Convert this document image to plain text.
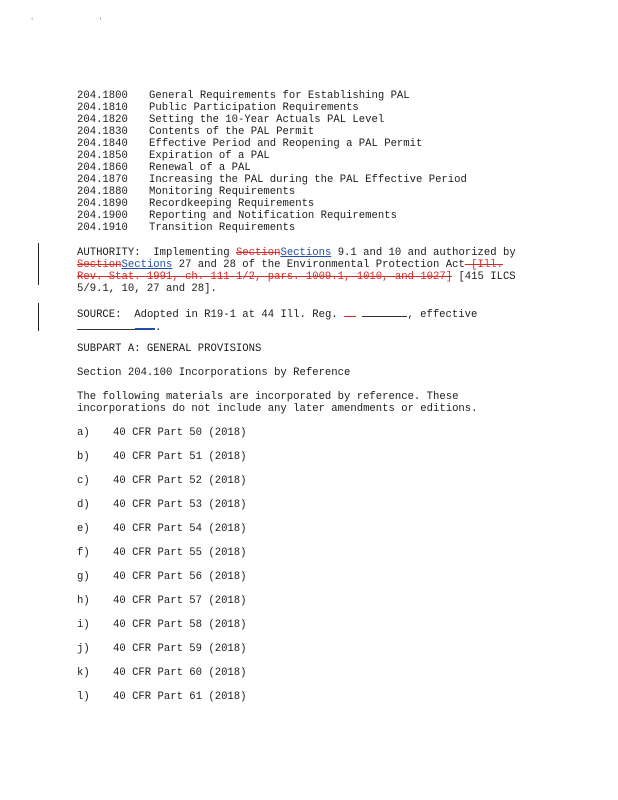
' '
204.1800 General Requirements for Establishing PAL
204.1810 Public Participation Requirements
204.1820 Setting the 10-Year Actuals PAL Level
204.1830 Contents of the PAL Permit
204.1840 Effective Period and Reopening a PAL Permit
204.1850 Expiration of a PAL
204.1860 Renewal of a PAL
204.1870 Increasing the PAL during the PAL Effective Period
204.1880 Monitoring Requirements
204.1890 Recordkeeping Requirements
204.1900 Reporting and Notification Requirements
204.1910 Transition Requirements
AUTHORITY: Implementing SectionSections 9.1 and 10 and authorized by
SectionSections 27 and 28 of the Environmental Protection Act [Ill.
Rev. Stat. 1991, ch. 111 1/2, pars. 1009.1, 1010, and 1027] [415 ILCS
5/9.1, 10, 27 and 28].
SOURCE: Adopted in R19-1 at 44 Ill. Reg.	, effective
.
SUBPART A: GENERAL PROVISIONS
Section 204.100 Incorporations by Reference
The following materials are incorporated by reference. These
incorporations do not include any later amendments or editions.
a) 40 CFR Part 50 (2018)
b) 40 CFR Part 51 (2018)
c) 40 CFR Part 52 (2018)
d) 40 CFR Part 53 (2018)
e) 40 CFR Part 54 (2018)
f) 40 CFR Part 55 (2018)
g) 40 CFR Part 56 (2018)
h) 40 CFR Part 57 (2018)
i) 40 CFR Part 58 (2018)
j) 40 CFR Part 59 (2018)
k) 40 CFR Part 60 (2018)
l) 40 CFR Part 61 (2018)
